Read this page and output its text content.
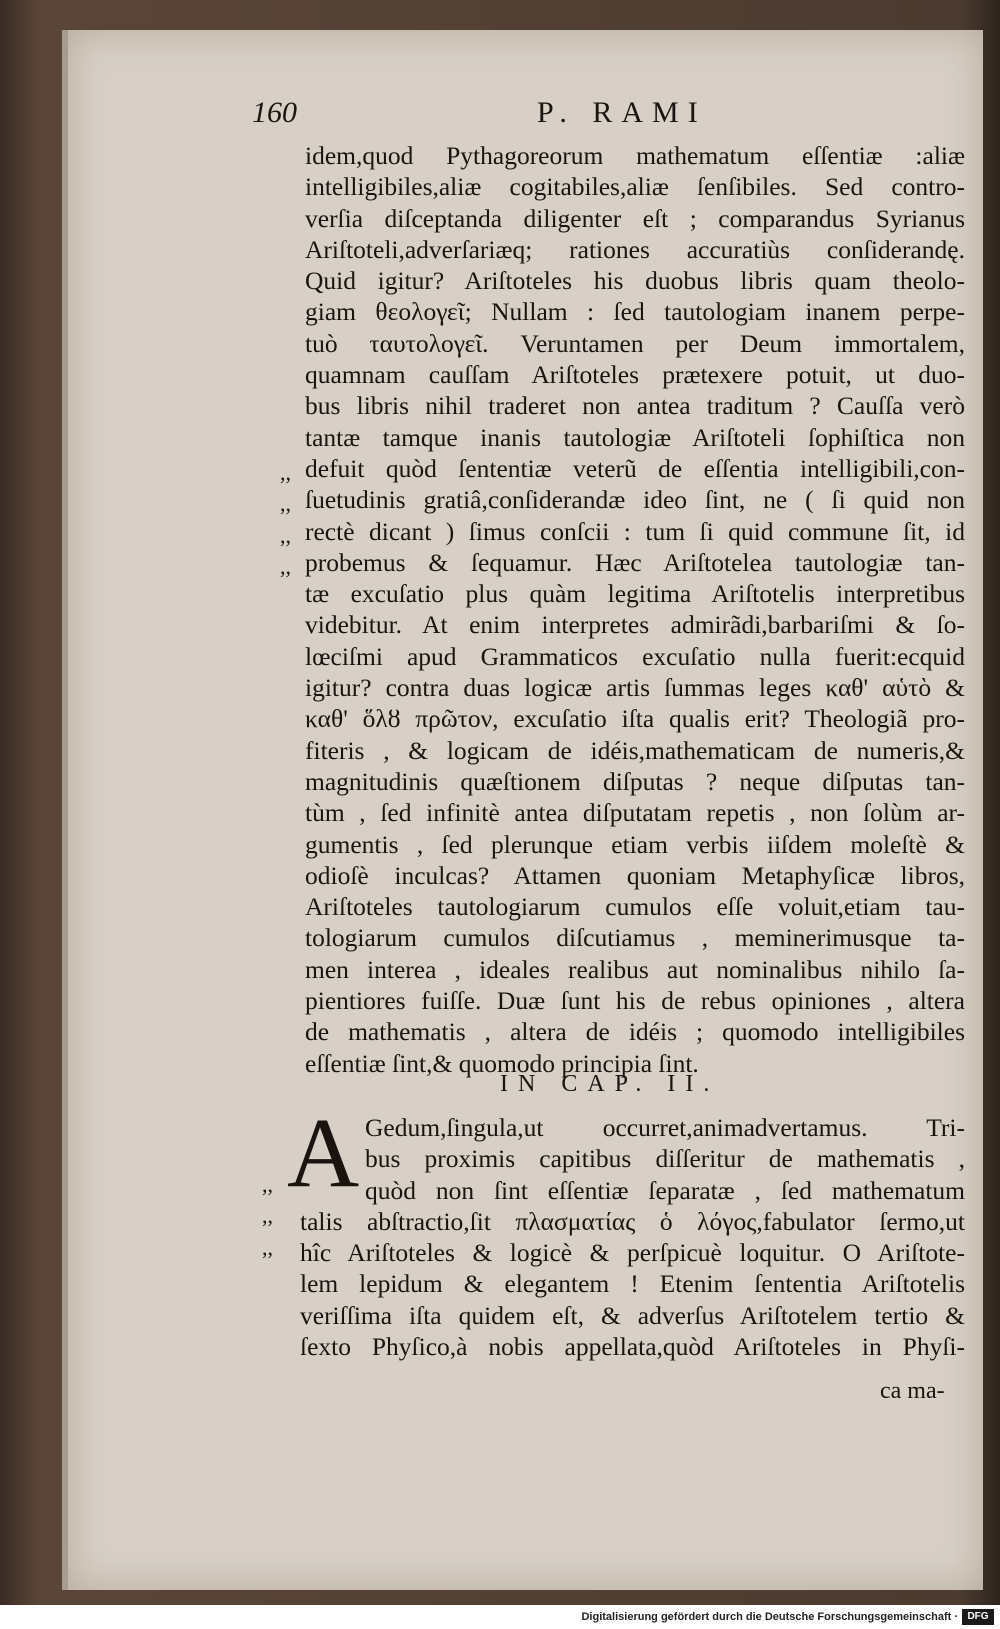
160	P. RAMI
idem,quod Pythagoreorum mathematum eſſentiæ :aliæ
intelligibiles,aliæ cogitabiles,aliæ ſenſibiles. Sed contro-
verſia diſceptanda diligenter eſt ; comparandus Syrianus
Ariſtoteli,adverſariæq; rationes accuratiùs conſiderandę.
Quid igitur? Ariſtoteles his duobus libris quam theolo-
giam θεολογεῖ; Nullam : ſed tautologiam inanem perpe-
tuò ταυτολογεῖ. Veruntamen per Deum immortalem,
quamnam cauſſam Ariſtoteles prætexere potuit, ut duo-
bus libris nihil traderet non antea traditum ? Cauſſa verò
tantæ tamque inanis tautologiæ Ariſtoteli ſophiſtica non
defuit quòd ſententiæ veterũ de eſſentia intelligibili,con-
ſuetudinis gratiâ,conſiderandæ ideo ſint, ne ( ſi quid non
rectè dicant ) ſimus conſcii : tum ſi quid commune ſit, id
probemus & ſequamur. Hæc Ariſtotelea tautologiæ tan-
tæ excuſatio plus quàm legitima Ariſtotelis interpretibus
videbitur. At enim interpretes admirãdi,barbariſmi & ſo-
lœciſmi apud Grammaticos excuſatio nulla fuerit:ecquid
igitur? contra duas logicæ artis ſummas leges καθ' αὑτὸ &
καθ' ὅλȣ πρῶτον, excuſatio iſta qualis erit? Theologiã pro-
fiteris , & logicam de idéis,mathematicam de numeris,&
magnitudinis quæſtionem diſputas ? neque diſputas tan-
tùm , ſed infinitè antea diſputatam repetis , non ſolùm ar-
gumentis , ſed plerunque etiam verbis iiſdem moleſtè &
odioſè inculcas? Attamen quoniam Metaphyſicæ libros,
Ariſtoteles tautologiarum cumulos eſſe voluit,etiam tau-
tologiarum cumulos diſcutiamus , meminerimusque ta-
men interea , ideales realibus aut nominalibus nihilo ſa-
pientiores fuiſſe. Duæ ſunt his de rebus opiniones , altera
de mathematis , altera de idéis ; quomodo intelligibiles
eſſentiæ ſint,& quomodo principia ſint.
,,
,,
,,
,,
IN CAP. II.
A Gedum,ſingula,ut occurret,animadvertamus. Tri-
bus proximis capitibus diſſeritur de mathematis ,
quòd non ſint eſſentiæ ſeparatæ , ſed mathematum
talis abſtractio,ſit πλασματίας ὁ λόγος,fabulator ſermo,ut
hîc Ariſtoteles & logicè & perſpicuè loquitur. O Ariſtote-
lem lepidum & elegantem ! Etenim ſententia Ariſtotelis
veriſſima iſta quidem eſt, & adverſus Ariſtotelem tertio &
ſexto Phyſico,à nobis appellata,quòd Ariſtoteles in Phyſi-
,,
,,
,,
ca ma-
Digitalisierung gefördert durch die Deutsche Forschungsgemeinschaft · DFG
